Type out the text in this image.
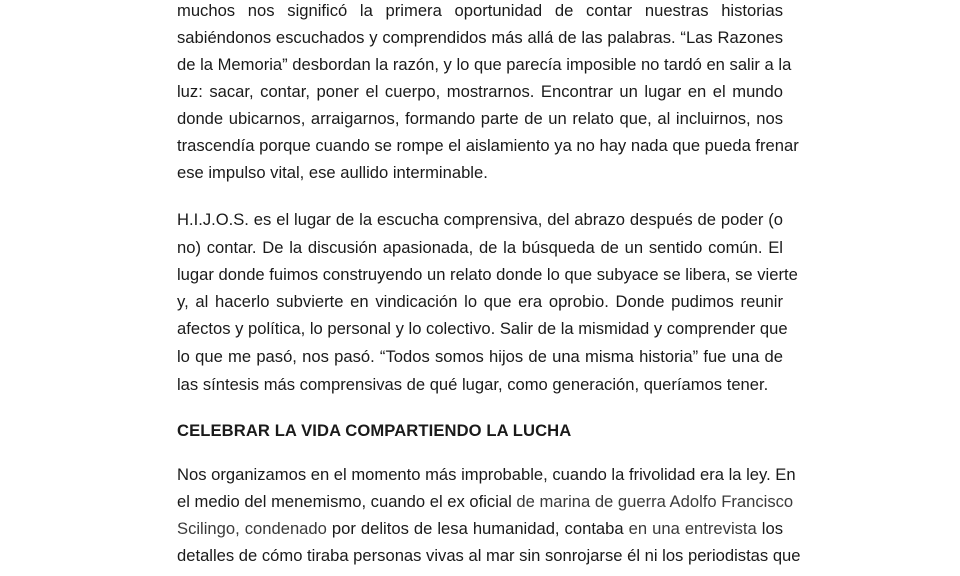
muchos nos significó la primera oportunidad de contar nuestras historias
sabiéndonos escuchados y comprendidos más allá de las palabras. “Las Razones
de la Memoria” desbordan la razón, y lo que parecía imposible no tardó en salir a la
luz: sacar, contar, poner el cuerpo, mostrarnos. Encontrar un lugar en el mundo
donde ubicarnos, arraigarnos, formando parte de un relato que, al incluirnos, nos
trascendía porque cuando se rompe el aislamiento ya no hay nada que pueda frenar
ese impulso vital, ese aullido interminable.
H.I.J.O.S. es el lugar de la escucha comprensiva, del abrazo después de poder (o
no) contar. De la discusión apasionada, de la búsqueda de un sentido común. El
lugar donde fuimos construyendo un relato donde lo que subyace se libera, se vierte
y, al hacerlo subvierte en vindicación lo que era oprobio. Donde pudimos reunir
afectos y política, lo personal y lo colectivo. Salir de la mismidad y comprender que
lo que me pasó, nos pasó. “Todos somos hijos de una misma historia” fue una de
las síntesis más comprensivas de qué lugar, como generación, queríamos tener.
CELEBRAR LA VIDA COMPARTIENDO LA LUCHA
Nos organizamos en el momento más improbable, cuando la frivolidad era la ley. En
el medio del menemismo, cuando el ex oficial de marina de guerra Adolfo Francisco
Scilingo, condenado por delitos de lesa humanidad, contaba en una entrevista los
detalles de cómo tiraba personas vivas al mar sin sonrojarse él ni los periodistas que
